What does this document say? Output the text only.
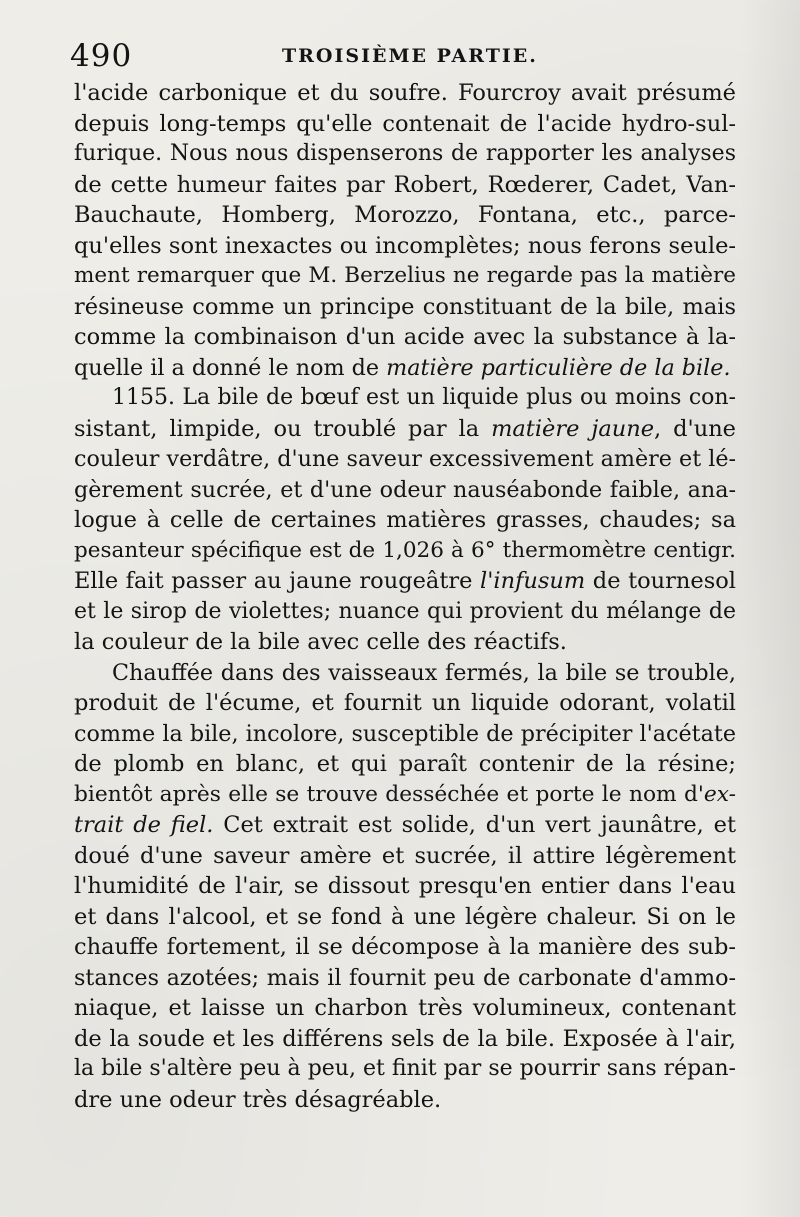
490	TROISIÈME PARTIE.
l'acide carbonique et du soufre. Fourcroy avait présumé
depuis long-temps qu'elle contenait de l'acide hydro-sul-
furique. Nous nous dispenserons de rapporter les analyses
de cette humeur faites par Robert, Rœderer, Cadet, Van-
Bauchaute, Homberg, Morozzo, Fontana, etc., parce-
qu'elles sont inexactes ou incomplètes; nous ferons seule-
ment remarquer que M. Berzelius ne regarde pas la matière
résineuse comme un principe constituant de la bile, mais
comme la combinaison d'un acide avec la substance à la-
quelle il a donné le nom de matière particulière de la bile.
1155. La bile de bœuf est un liquide plus ou moins con-
sistant, limpide, ou troublé par la matière jaune, d'une
couleur verdâtre, d'une saveur excessivement amère et lé-
gèrement sucrée, et d'une odeur nauséabonde faible, ana-
logue à celle de certaines matières grasses, chaudes; sa
pesanteur spécifique est de 1,026 à 6° thermomètre centigr.
Elle fait passer au jaune rougeâtre l'infusum de tournesol
et le sirop de violettes; nuance qui provient du mélange de
la couleur de la bile avec celle des réactifs.
Chauffée dans des vaisseaux fermés, la bile se trouble,
produit de l'écume, et fournit un liquide odorant, volatil
comme la bile, incolore, susceptible de précipiter l'acétate
de plomb en blanc, et qui paraît contenir de la résine;
bientôt après elle se trouve desséchée et porte le nom d'ex-
trait de fiel. Cet extrait est solide, d'un vert jaunâtre, et
doué d'une saveur amère et sucrée, il attire légèrement
l'humidité de l'air, se dissout presqu'en entier dans l'eau
et dans l'alcool, et se fond à une légère chaleur. Si on le
chauffe fortement, il se décompose à la manière des sub-
stances azotées; mais il fournit peu de carbonate d'ammo-
niaque, et laisse un charbon très volumineux, contenant
de la soude et les différens sels de la bile. Exposée à l'air,
la bile s'altère peu à peu, et finit par se pourrir sans répan-
dre une odeur très désagréable.
